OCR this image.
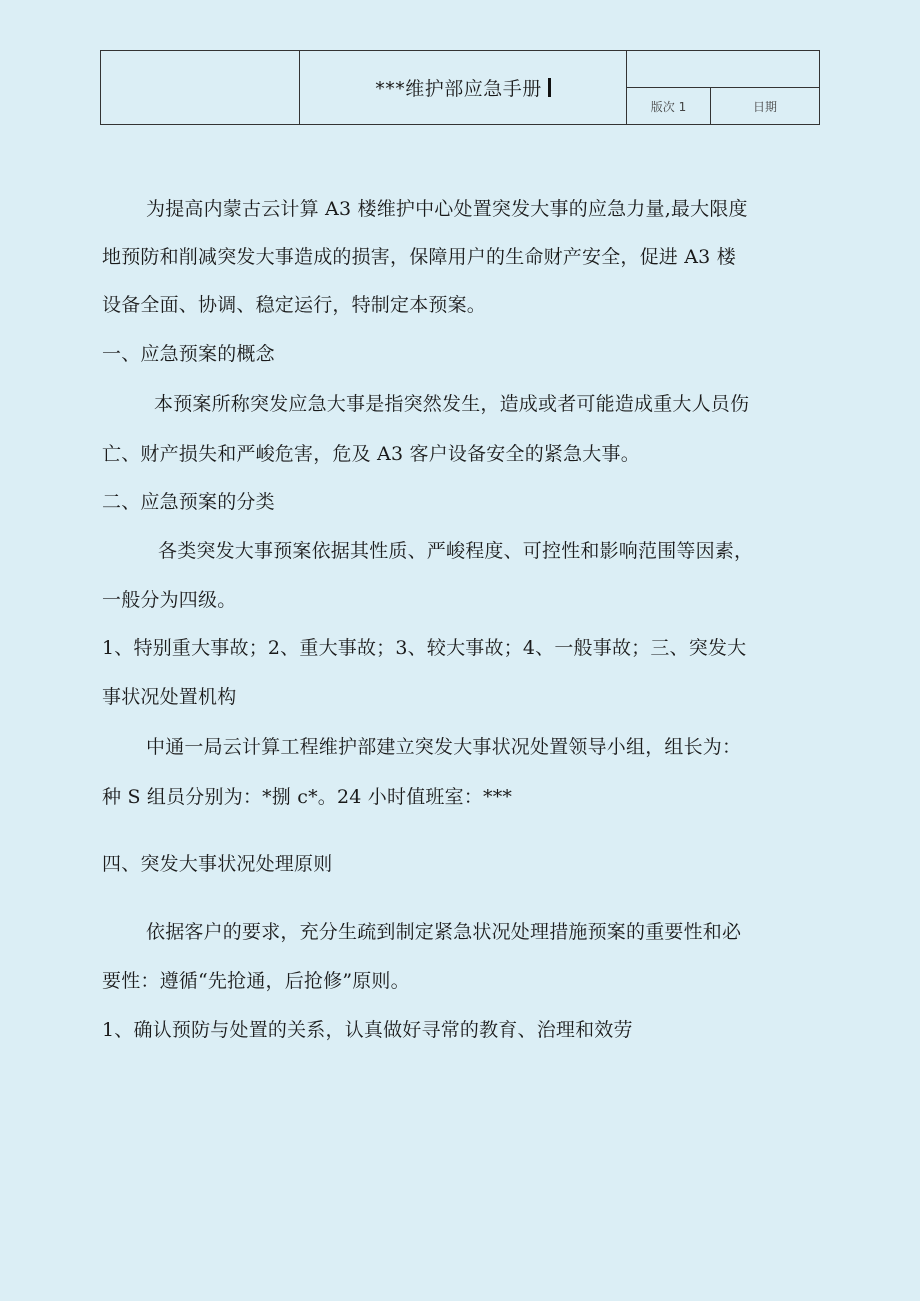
	***维护部应急手册		
		版次 1	日期
为提高内蒙古云计算 A3 楼维护中心处置突发大事的应急力量,最大限度
地预防和削减突发大事造成的损害，保障用户的生命财产安全，促进 A3 楼
设备全面、协调、稳定运行，特制定本预案。
一、应急预案的概念
本预案所称突发应急大事是指突然发生，造成或者可能造成重大人员伤
亡、财产损失和严峻危害，危及 A3 客户设备安全的紧急大事。
二、应急预案的分类
各类突发大事预案依据其性质、严峻程度、可控性和影响范围等因素，
一般分为四级。
1、特别重大事故；2、重大事故；3、较大事故；4、一般事故；三、突发大
事状况处置机构
中通一局云计算工程维护部建立突发大事状况处置领导小组，组长为：
种 S 组员分别为：*捌 c*。24 小时值班室：***
四、突发大事状况处理原则
依据客户的要求，充分生疏到制定紧急状况处理措施预案的重要性和必
要性：遵循“先抢通，后抢修”原则。
1、确认预防与处置的关系，认真做好寻常的教育、治理和效劳
